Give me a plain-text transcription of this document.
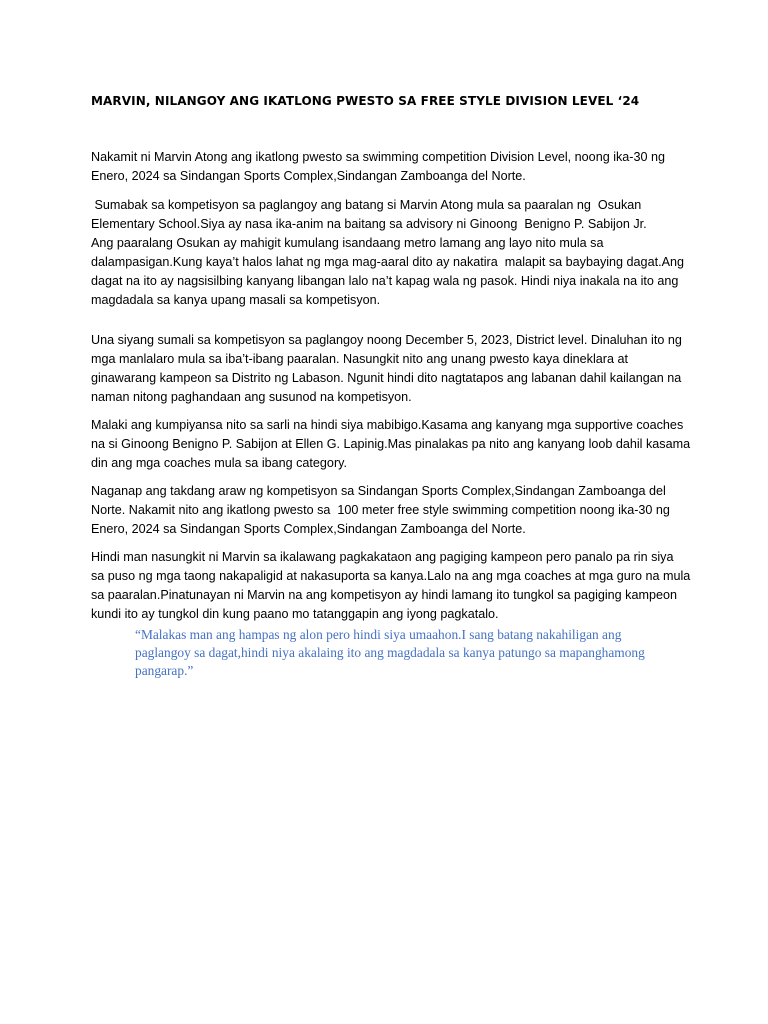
MARVIN, NILANGOY ANG IKATLONG PWESTO SA FREE STYLE DIVISION LEVEL ‘24

Nakamit ni Marvin Atong ang ikatlong pwesto sa swimming competition Division Level, noong ika-30 ng
Enero, 2024 sa Sindangan Sports Complex,Sindangan Zamboanga del Norte.

Sumabak sa kompetisyon sa paglangoy ang batang si Marvin Atong mula sa paaralan ng  Osukan
Elementary School.Siya ay nasa ika-anim na baitang sa advisory ni Ginoong  Benigno P. Sabijon Jr.
Ang paaralang Osukan ay mahigit kumulang isandaang metro lamang ang layo nito mula sa
dalampasigan.Kung kaya’t halos lahat ng mga mag-aaral dito ay nakatira  malapit sa baybaying dagat.Ang
dagat na ito ay nagsisilbing kanyang libangan lalo na’t kapag wala ng pasok. Hindi niya inakala na ito ang
magdadala sa kanya upang masali sa kompetisyon.

Una siyang sumali sa kompetisyon sa paglangoy noong December 5, 2023, District level. Dinaluhan ito ng
mga manlalaro mula sa iba’t-ibang paaralan. Nasungkit nito ang unang pwesto kaya dineklara at
ginawarang kampeon sa Distrito ng Labason. Ngunit hindi dito nagtatapos ang labanan dahil kailangan na
naman nitong paghandaan ang susunod na kompetisyon.

Malaki ang kumpiyansa nito sa sarli na hindi siya mabibigo.Kasama ang kanyang mga supportive coaches
na si Ginoong Benigno P. Sabijon at Ellen G. Lapinig.Mas pinalakas pa nito ang kanyang loob dahil kasama
din ang mga coaches mula sa ibang category.

Naganap ang takdang araw ng kompetisyon sa Sindangan Sports Complex,Sindangan Zamboanga del
Norte. Nakamit nito ang ikatlong pwesto sa  100 meter free style swimming competition noong ika-30 ng
Enero, 2024 sa Sindangan Sports Complex,Sindangan Zamboanga del Norte.

Hindi man nasungkit ni Marvin sa ikalawang pagkakataon ang pagiging kampeon pero panalo pa rin siya
sa puso ng mga taong nakapaligid at nakasuporta sa kanya.Lalo na ang mga coaches at mga guro na mula
sa paaralan.Pinatunayan ni Marvin na ang kompetisyon ay hindi lamang ito tungkol sa pagiging kampeon
kundi ito ay tungkol din kung paano mo tatanggapin ang iyong pagkatalo.

“Malakas man ang hampas ng alon pero hindi siya umaahon.I sang batang nakahiligan ang
paglangoy sa dagat,hindi niya akalaing ito ang magdadala sa kanya patungo sa mapanghamong
pangarap.”
